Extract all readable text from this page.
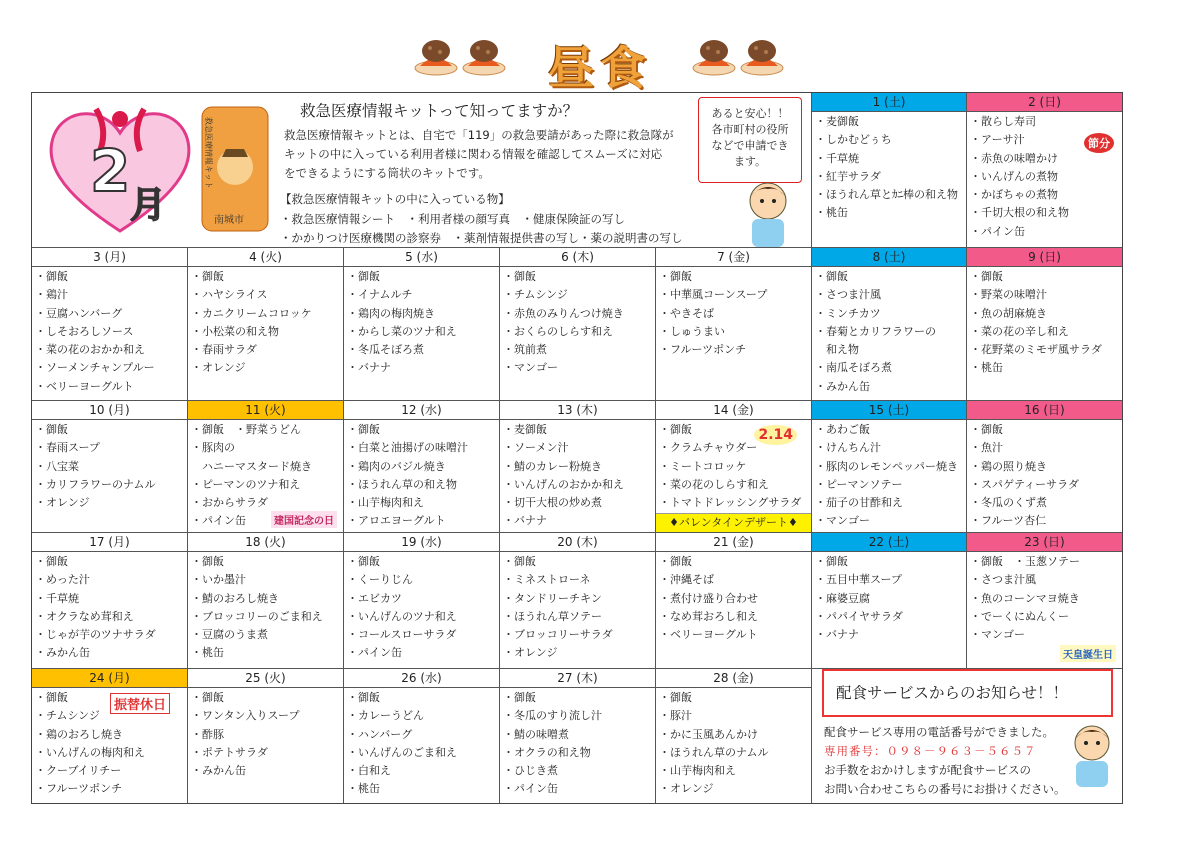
昼食
2
月
救急医療情報キット
南城市
救急医療情報キットって知ってますか？
救急医療情報キットとは、自宅で「119」の救急要請があった際に救急隊が
キットの中に入っている利用者様に関わる情報を確認してスムーズに対応
をできるようにする筒状のキットです。
【救急医療情報キットの中に入っている物】
・救急医療情報シート　・利用者様の顔写真　・健康保険証の写し
・かかりつけ医療機関の診察券　・薬剤情報提供書の写し・薬の説明書の写し
あると安心！！
各市町村の役所
などで申請でき
ます。
1 (土)
・麦御飯
・しかむどぅち
・千草焼
・紅芋サラダ
・ほうれん草とｶﾆ棒の和え物
・桃缶
2 (日)
・散らし寿司
・アーサ汁
・赤魚の味噌かけ
・いんげんの煮物
・かぼちゃの煮物
・千切大根の和え物
・パイン缶
節分
3 (月)
・御飯
・鶏汁
・豆腐ハンバーグ
・しそおろしソース
・菜の花のおかか和え
・ソーメンチャンプルー
・ベリーヨーグルト
4 (火)
・御飯
・ハヤシライス
・カニクリームコロッケ
・小松菜の和え物
・春雨サラダ
・オレンジ
5 (水)
・御飯
・イナムルチ
・鶏肉の梅肉焼き
・からし菜のツナ和え
・冬瓜そぼろ煮
・バナナ
6 (木)
・御飯
・チムシンジ
・赤魚のみりんつけ焼き
・おくらのしらす和え
・筑前煮
・マンゴー
7 (金)
・御飯
・中華風コーンスープ
・やきそば
・しゅうまい
・フルーツポンチ
8 (土)
・御飯
・さつま汁風
・ミンチカツ
・春菊とカリフラワーの
　和え物
・南瓜そぼろ煮
・みかん缶
9 (日)
・御飯
・野菜の味噌汁
・魚の胡麻焼き
・菜の花の辛し和え
・花野菜のミモザ風サラダ
・桃缶
10 (月)
・御飯
・春雨スープ
・八宝菜
・カリフラワーのナムル
・オレンジ
11 (火)
・御飯　・野菜うどん
・豚肉の
　ハニーマスタード焼き
・ピーマンのツナ和え
・おからサラダ
・パイン缶	建国記念の日
12 (水)
・御飯
・白菜と油揚げの味噌汁
・鶏肉のバジル焼き
・ほうれん草の和え物
・山芋梅肉和え
・アロエヨーグルト
13 (木)
・麦御飯
・ソーメン汁
・鯖のカレー粉焼き
・いんげんのおかか和え
・切干大根の炒め煮
・バナナ
14 (金)
・御飯
・クラムチャウダー
・ミートコロッケ
・菜の花のしらす和え
・トマトドレッシングサラダ
2.14
♦バレンタインデザート♦
15 (土)
・あわご飯
・けんちん汁
・豚肉のレモンペッパー焼き
・ピーマンソテー
・茄子の甘酢和え
・マンゴー
16 (日)
・御飯
・魚汁
・鶏の照り焼き
・スパゲティーサラダ
・冬瓜のくず煮
・フルーツ杏仁
17 (月)
・御飯
・めった汁
・千草焼
・オクラなめ茸和え
・じゃが芋のツナサラダ
・みかん缶
18 (火)
・御飯
・いか墨汁
・鯖のおろし焼き
・ブロッコリーのごま和え
・豆腐のうま煮
・桃缶
19 (水)
・御飯
・くーりじん
・エビカツ
・いんげんのツナ和え
・コールスローサラダ
・パイン缶
20 (木)
・御飯
・ミネストローネ
・タンドリーチキン
・ほうれん草ソテー
・ブロッコリーサラダ
・オレンジ
21 (金)
・御飯
・沖縄そば
・煮付け盛り合わせ
・なめ茸おろし和え
・ベリーヨーグルト
22 (土)
・御飯
・五目中華スープ
・麻婆豆腐
・パパイヤサラダ
・バナナ
23 (日)
・御飯　・玉葱ソテー
・さつま汁風
・魚のコーンマヨ焼き
・でーくにぬんくー
・マンゴー
天皇誕生日
24 (月)
・御飯
・チムシンジ
・鶏のおろし焼き
・いんげんの梅肉和え
・クーブイリチー
・フルーツポンチ
振替休日
25 (火)
・御飯
・ワンタン入りスープ
・酢豚
・ポテトサラダ
・みかん缶
26 (水)
・御飯
・カレーうどん
・ハンバーグ
・いんげんのごま和え
・白和え
・桃缶
27 (木)
・御飯
・冬瓜のすり流し汁
・鯖の味噌煮
・オクラの和え物
・ひじき煮
・パイン缶
28 (金)
・御飯
・豚汁
・かに玉風あんかけ
・ほうれん草のナムル
・山芋梅肉和え
・オレンジ
配食サービスからのお知らせ！！
配食サービス専用の電話番号ができました。
専用番号：０９８－９６３－５６５７
お手数をおかけしますが配食サービスの
お問い合わせこちらの番号にお掛けください。
